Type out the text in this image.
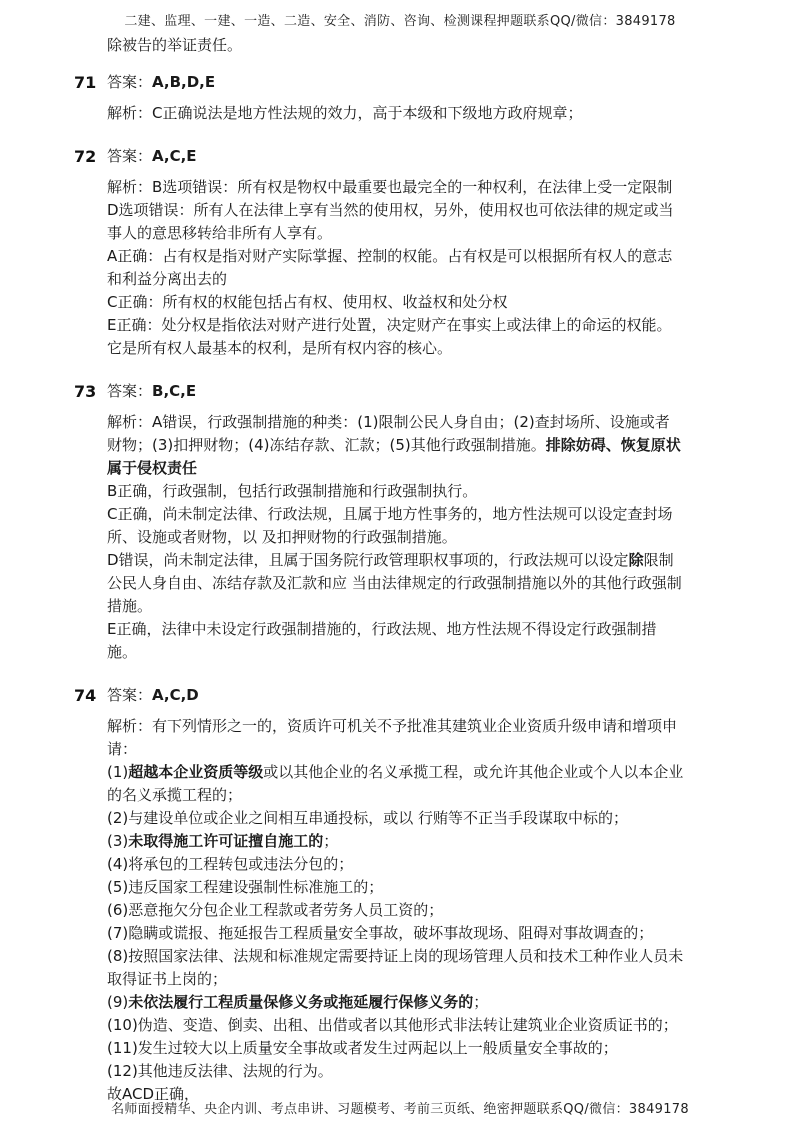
二建、监理、一建、一造、二造、安全、消防、咨询、检测课程押题联系QQ/微信：3849178
除被告的举证责任。
71 答案：A,B,D,E
解析：C正确说法是地方性法规的效力，高于本级和下级地方政府规章；
72 答案：A,C,E
解析：B选项错误：所有权是物权中最重要也最完全的一种权利，在法律上受一定限制
D选项错误：所有人在法律上享有当然的使用权，另外，使用权也可依法律的规定或当
事人的意思移转给非所有人享有。
A正确：占有权是指对财产实际掌握、控制的权能。占有权是可以根据所有权人的意志
和利益分离出去的
C正确：所有权的权能包括占有权、使用权、收益权和处分权
E正确：处分权是指依法对财产进行处置，决定财产在事实上或法律上的命运的权能。
它是所有权人最基本的权利，是所有权内容的核心。
73 答案：B,C,E
解析：A错误，行政强制措施的种类：(1)限制公民人身自由；(2)查封场所、设施或者
财物；(3)扣押财物；(4)冻结存款、汇款；(5)其他行政强制措施。排除妨碍、恢复原状
属于侵权责任
B正确，行政强制，包括行政强制措施和行政强制执行。
C正确，尚未制定法律、行政法规，且属于地方性事务的，地方性法规可以设定查封场
所、设施或者财物，以 及扣押财物的行政强制措施。
D错误，尚未制定法律，且属于国务院行政管理职权事项的，行政法规可以设定除限制
公民人身自由、冻结存款及汇款和应 当由法律规定的行政强制措施以外的其他行政强制
措施。
E正确，法律中未设定行政强制措施的，行政法规、地方性法规不得设定行政强制措
施。
74 答案：A,C,D
解析：有下列情形之一的，资质许可机关不予批准其建筑业企业资质升级申请和增项申
请：
(1)超越本企业资质等级或以其他企业的名义承揽工程，或允许其他企业或个人以本企业
的名义承揽工程的；
(2)与建设单位或企业之间相互串通投标，或以 行贿等不正当手段谋取中标的；
(3)未取得施工许可证擅自施工的；
(4)将承包的工程转包或违法分包的；
(5)违反国家工程建设强制性标准施工的；
(6)恶意拖欠分包企业工程款或者劳务人员工资的；
(7)隐瞒或谎报、拖延报告工程质量安全事故，破坏事故现场、阻碍对事故调查的；
(8)按照国家法律、法规和标准规定需要持证上岗的现场管理人员和技术工种作业人员未
取得证书上岗的；
(9)未依法履行工程质量保修义务或拖延履行保修义务的；
(10)伪造、变造、倒卖、出租、出借或者以其他形式非法转让建筑业企业资质证书的；
(11)发生过较大以上质量安全事故或者发生过两起以上一般质量安全事故的；
(12)其他违反法律、法规的行为。
故ACD正确，
名师面授精华、央企内训、考点串讲、习题模考、考前三页纸、绝密押题联系QQ/微信：3849178
